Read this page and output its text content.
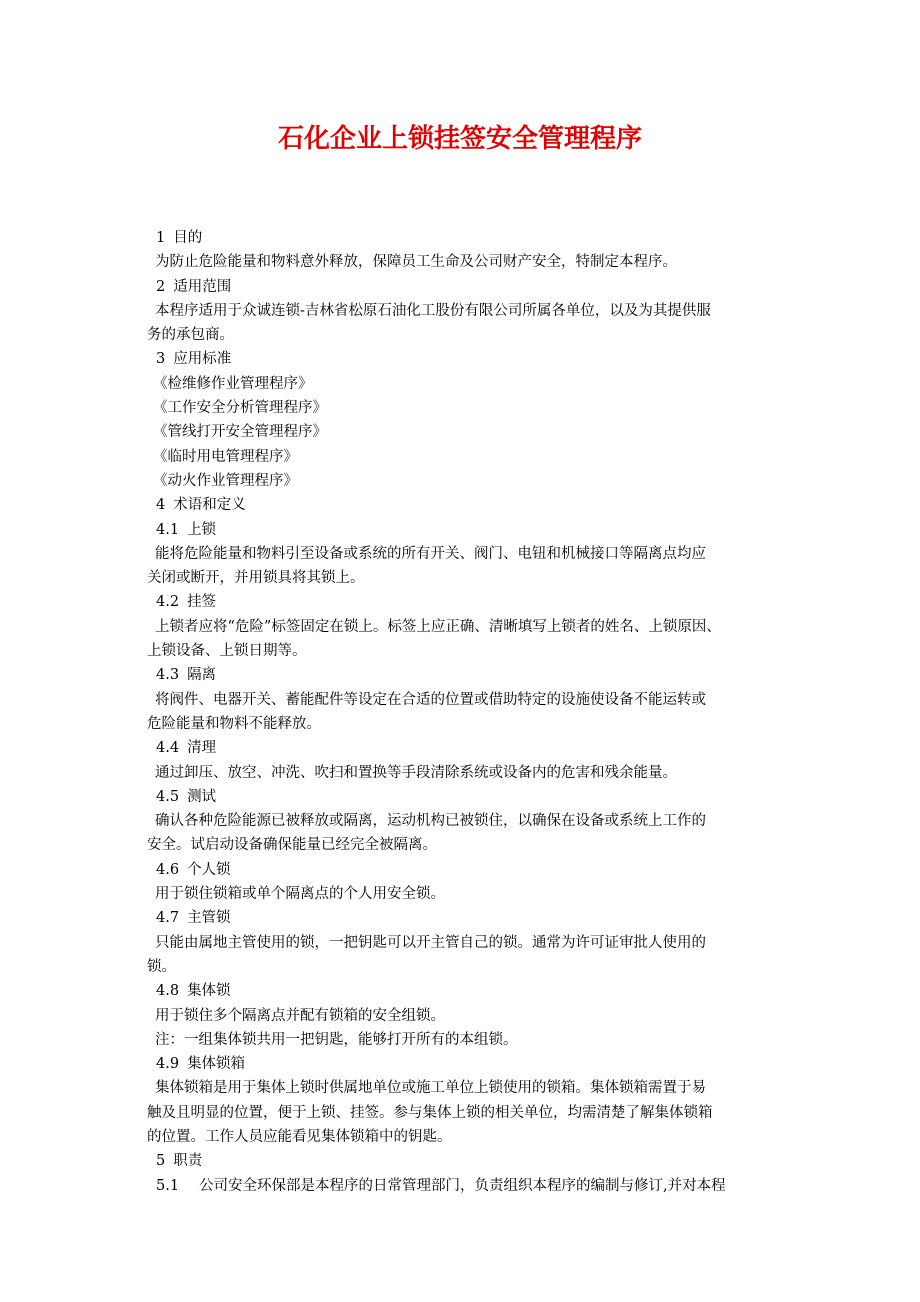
石化企业上锁挂签安全管理程序
1 目的
为防止危险能量和物料意外释放，保障员工生命及公司财产安全，特制定本程序。
2 适用范围
本程序适用于众诚连锁-吉林省松原石油化工股份有限公司所属各单位，以及为其提供服
务的承包商。
3 应用标准
《检维修作业管理程序》
《工作安全分析管理程序》
《管线打开安全管理程序》
《临时用电管理程序》
《动火作业管理程序》
4 术语和定义
4.1 上锁
能将危险能量和物料引至设备或系统的所有开关、阀门、电钮和机械接口等隔离点均应
关闭或断开，并用锁具将其锁上。
4.2 挂签
上锁者应将“危险”标签固定在锁上。标签上应正确、清晰填写上锁者的姓名、上锁原因、
上锁设备、上锁日期等。
4.3 隔离
将阀件、电器开关、蓄能配件等设定在合适的位置或借助特定的设施使设备不能运转或
危险能量和物料不能释放。
4.4 清理
通过卸压、放空、冲洗、吹扫和置换等手段清除系统或设备内的危害和残余能量。
4.5 测试
确认各种危险能源已被释放或隔离，运动机构已被锁住，以确保在设备或系统上工作的
安全。试启动设备确保能量已经完全被隔离。
4.6 个人锁
用于锁住锁箱或单个隔离点的个人用安全锁。
4.7 主管锁
只能由属地主管使用的锁，一把钥匙可以开主管自己的锁。通常为许可证审批人使用的
锁。
4.8 集体锁
用于锁住多个隔离点并配有锁箱的安全组锁。
注：一组集体锁共用一把钥匙，能够打开所有的本组锁。
4.9 集体锁箱
集体锁箱是用于集体上锁时供属地单位或施工单位上锁使用的锁箱。集体锁箱需置于易
触及且明显的位置，便于上锁、挂签。参与集体上锁的相关单位，均需清楚了解集体锁箱
的位置。工作人员应能看见集体锁箱中的钥匙。
5 职责
5.1 公司安全环保部是本程序的日常管理部门，负责组织本程序的编制与修订,并对本程
